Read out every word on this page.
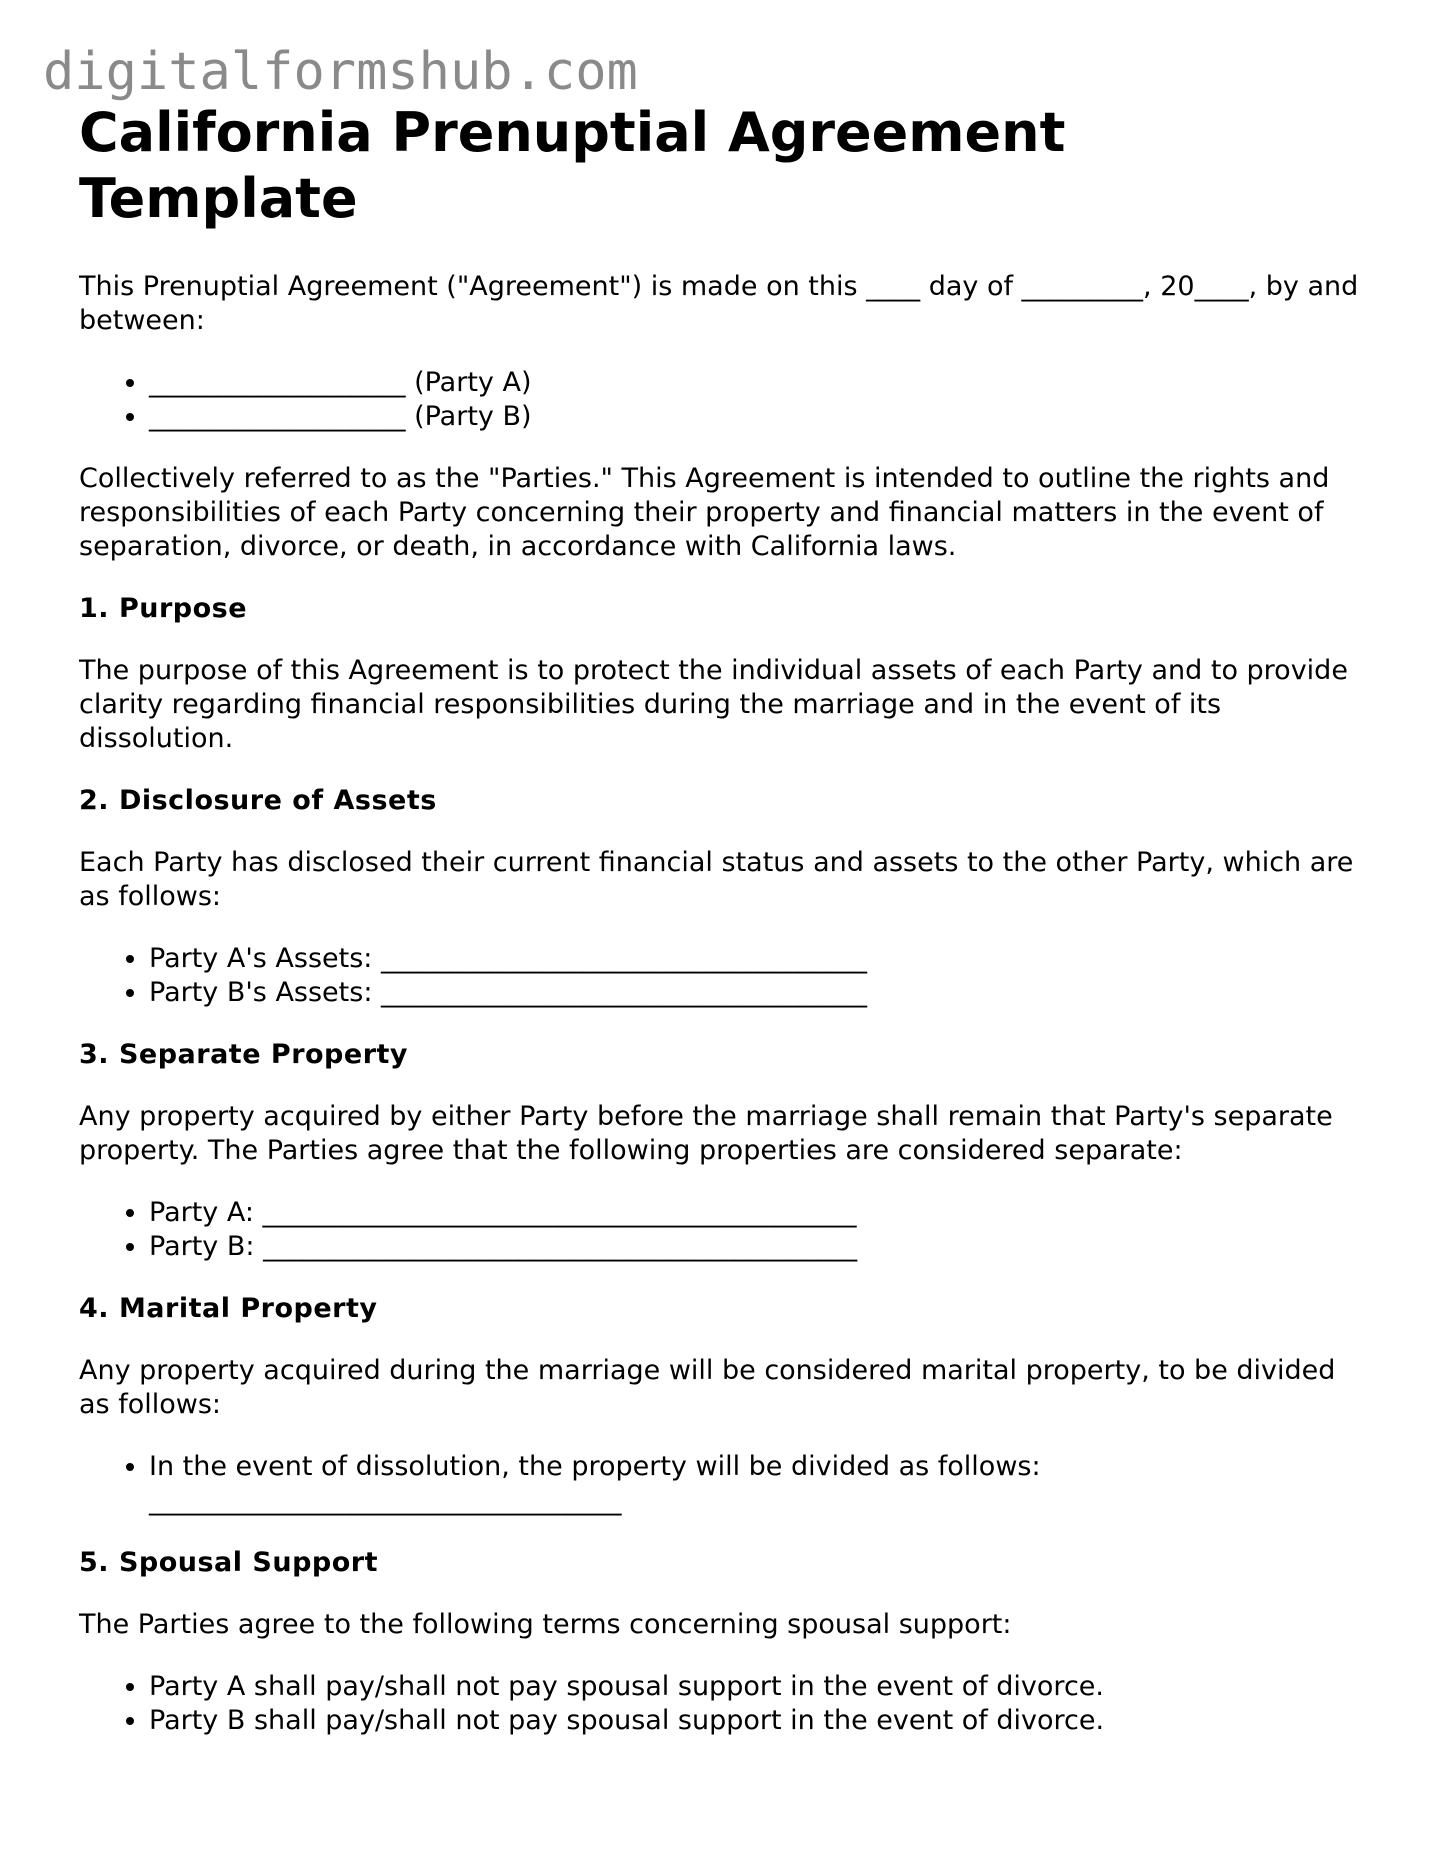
digitalformshub.com
California Prenuptial Agreement Template

This Prenuptial Agreement ("Agreement") is made on this ____ day of _________, 20____, by and between:

• ___________________ (Party A)
• ___________________ (Party B)

Collectively referred to as the "Parties." This Agreement is intended to outline the rights and responsibilities of each Party concerning their property and financial matters in the event of separation, divorce, or death, in accordance with California laws.

1. Purpose

The purpose of this Agreement is to protect the individual assets of each Party and to provide clarity regarding financial responsibilities during the marriage and in the event of its dissolution.

2. Disclosure of Assets

Each Party has disclosed their current financial status and assets to the other Party, which are as follows:

• Party A's Assets: ____________________________________
• Party B's Assets: ____________________________________
3. Separate Property

Any property acquired by either Party before the marriage shall remain that Party's separate property. The Parties agree that the following properties are considered separate:

• Party A: ____________________________________________
• Party B: ____________________________________________
4. Marital Property

Any property acquired during the marriage will be considered marital property, to be divided as follows:

• In the event of dissolution, the property will be divided as follows: ___________________________________
5. Spousal Support

The Parties agree to the following terms concerning spousal support:

• Party A shall pay/shall not pay spousal support in the event of divorce.
• Party B shall pay/shall not pay spousal support in the event of divorce.
